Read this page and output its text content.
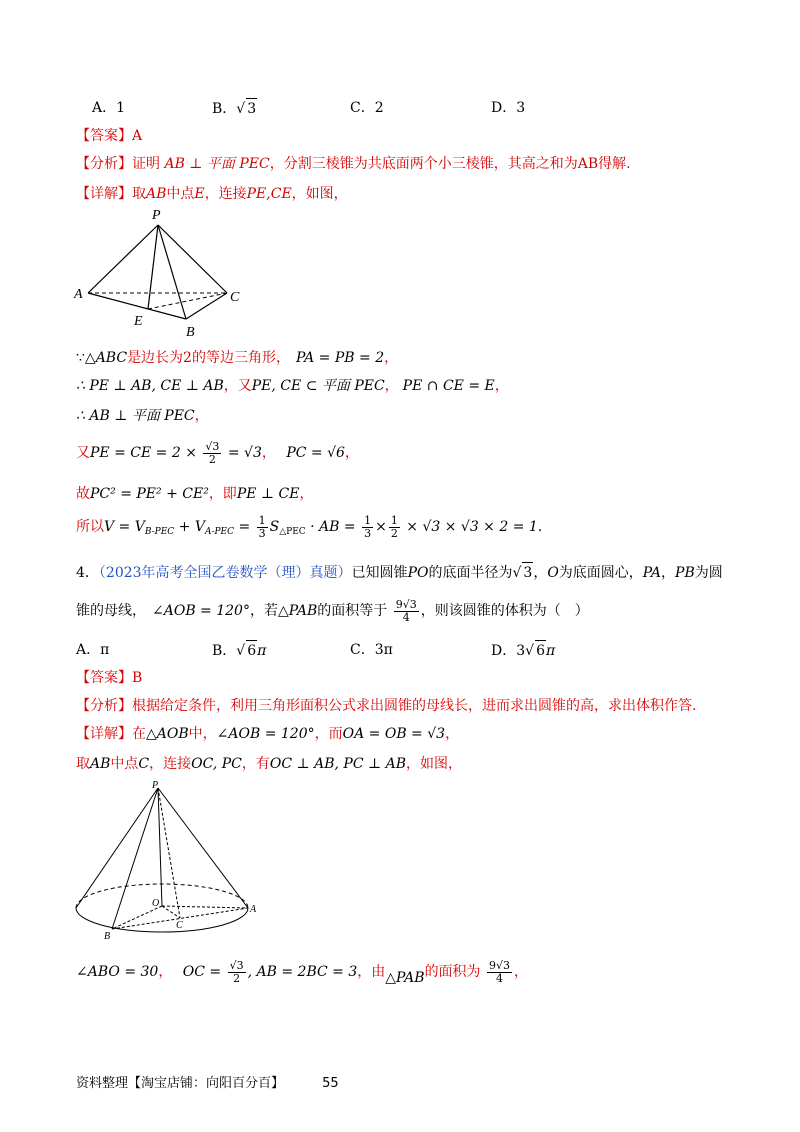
A．1	B．√ 3	C．2	D．3
【答案】A
【分析】证明 AB ⊥ 平面 PEC，分割三棱锥为共底面两个小三棱锥，其高之和为AB得解.
【详解】取AB中点E，连接PE,CE，如图，
P
A	C
E
B
∵△ABC是边长为2的等边三角形， PA = PB = 2，
∴ PE ⊥ AB, CE ⊥ AB，又PE, CE ⊂ 平面 PEC， PE ∩ CE = E，
∴ AB ⊥ 平面 PEC，
又PE = CE = $2 \times \frac{√3}{2} = √3$， PC = √6，
故PC² = PE² + CE²，即PE ⊥ CE，
所以$V = V_{B-PEC} + V_{A-PEC} = \frac{1}{3} S_{\triangle PEC}$ · AB = $\frac{1}{3} \times \frac{1}{2} \times √3 \times √3 \times 2 = 1$.
4．（2023年高考全国乙卷数学（理）真题）已知圆锥PO的底面半径为√ 3，O为底面圆心，PA，PB为圆
锥的母线， ∠AOB = 120°，若△PAB的面积等于 $\frac{9√3}{4}$ ，则该圆锥的体积为（　）
A．π	B．√ 6π	C．3π	D．3√ 6π
【答案】B
【分析】根据给定条件，利用三角形面积公式求出圆锥的母线长，进而求出圆锥的高，求出体积作答.
【详解】在△AOB中，∠AOB = 120°，而OA = OB = √3，
取AB中点C，连接OC, PC，有OC ⊥ AB, PC ⊥ AB，如图，
P
O
A
B
C
∠ABO = 30， OC = $\frac{√3}{2}$ , AB = 2BC = 3，由△PAB的面积为 $\frac{9√3}{4}$ ，
资料整理【淘宝店铺：向阳百分百】	55
